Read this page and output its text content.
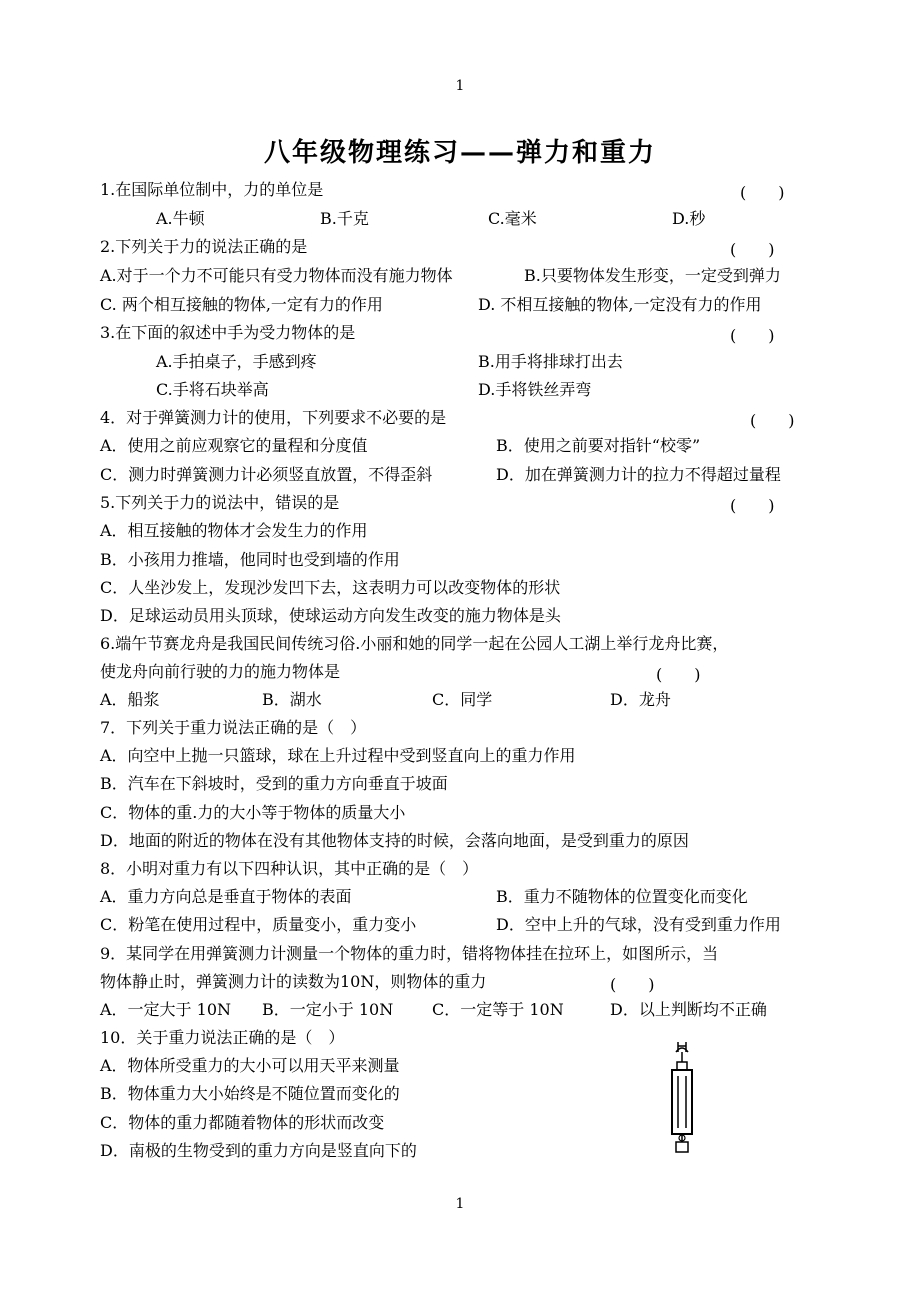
1
八年级物理练习——弹力和重力
1.在国际单位制中，力的单位是	(　　)
A.牛顿	B.千克	C.毫米	D.秒
2.下列关于力的说法正确的是	(　　)
A.对于一个力不可能只有受力物体而没有施力物体	B.只要物体发生形变，一定受到弹力
C. 两个相互接触的物体,一定有力的作用	D. 不相互接触的物体,一定没有力的作用
3.在下面的叙述中手为受力物体的是	(　　)
A.手拍桌子，手感到疼	B.用手将排球打出去
C.手将石块举高	D.手将铁丝弄弯
4．对于弹簧测力计的使用，下列要求不必要的是	(　　)
A．使用之前应观察它的量程和分度值	B．使用之前要对指针“校零”
C．测力时弹簧测力计必须竖直放置，不得歪斜	D．加在弹簧测力计的拉力不得超过量程
5.下列关于力的说法中，错误的是	(　　)
A．相互接触的物体才会发生力的作用
B．小孩用力推墙，他同时也受到墙的作用
C．人坐沙发上，发现沙发凹下去，这表明力可以改变物体的形状
D．足球运动员用头顶球，使球运动方向发生改变的施力物体是头
6.端午节赛龙舟是我国民间传统习俗.小丽和她的同学一起在公园人工湖上举行龙舟比赛，
使龙舟向前行驶的力的施力物体是	(　　)
A．船浆	B．湖水	C．同学	D．龙舟
7．下列关于重力说法正确的是（　）
A．向空中上抛一只篮球，球在上升过程中受到竖直向上的重力作用
B．汽车在下斜坡时，受到的重力方向垂直于坡面
C．物体的重.力的大小等于物体的质量大小
D．地面的附近的物体在没有其他物体支持的时候，会落向地面，是受到重力的原因
8．小明对重力有以下四种认识，其中正确的是（　）
A．重力方向总是垂直于物体的表面	B．重力不随物体的位置变化而变化
C．粉笔在使用过程中，质量变小，重力变小	D．空中上升的气球，没有受到重力作用
9．某同学在用弹簧测力计测量一个物体的重力时，错将物体挂在拉环上，如图所示，当
物体静止时，弹簧测力计的读数为10N，则物体的重力	(　　)
A．一定大于 10N B．一定小于 10N C．一定等于 10N	D．以上判断均不正确
10．关于重力说法正确的是（　）
A．物体所受重力的大小可以用天平来测量
B．物体重力大小始终是不随位置而变化的
C．物体的重力都随着物体的形状而改变
D．南极的生物受到的重力方向是竖直向下的
1
